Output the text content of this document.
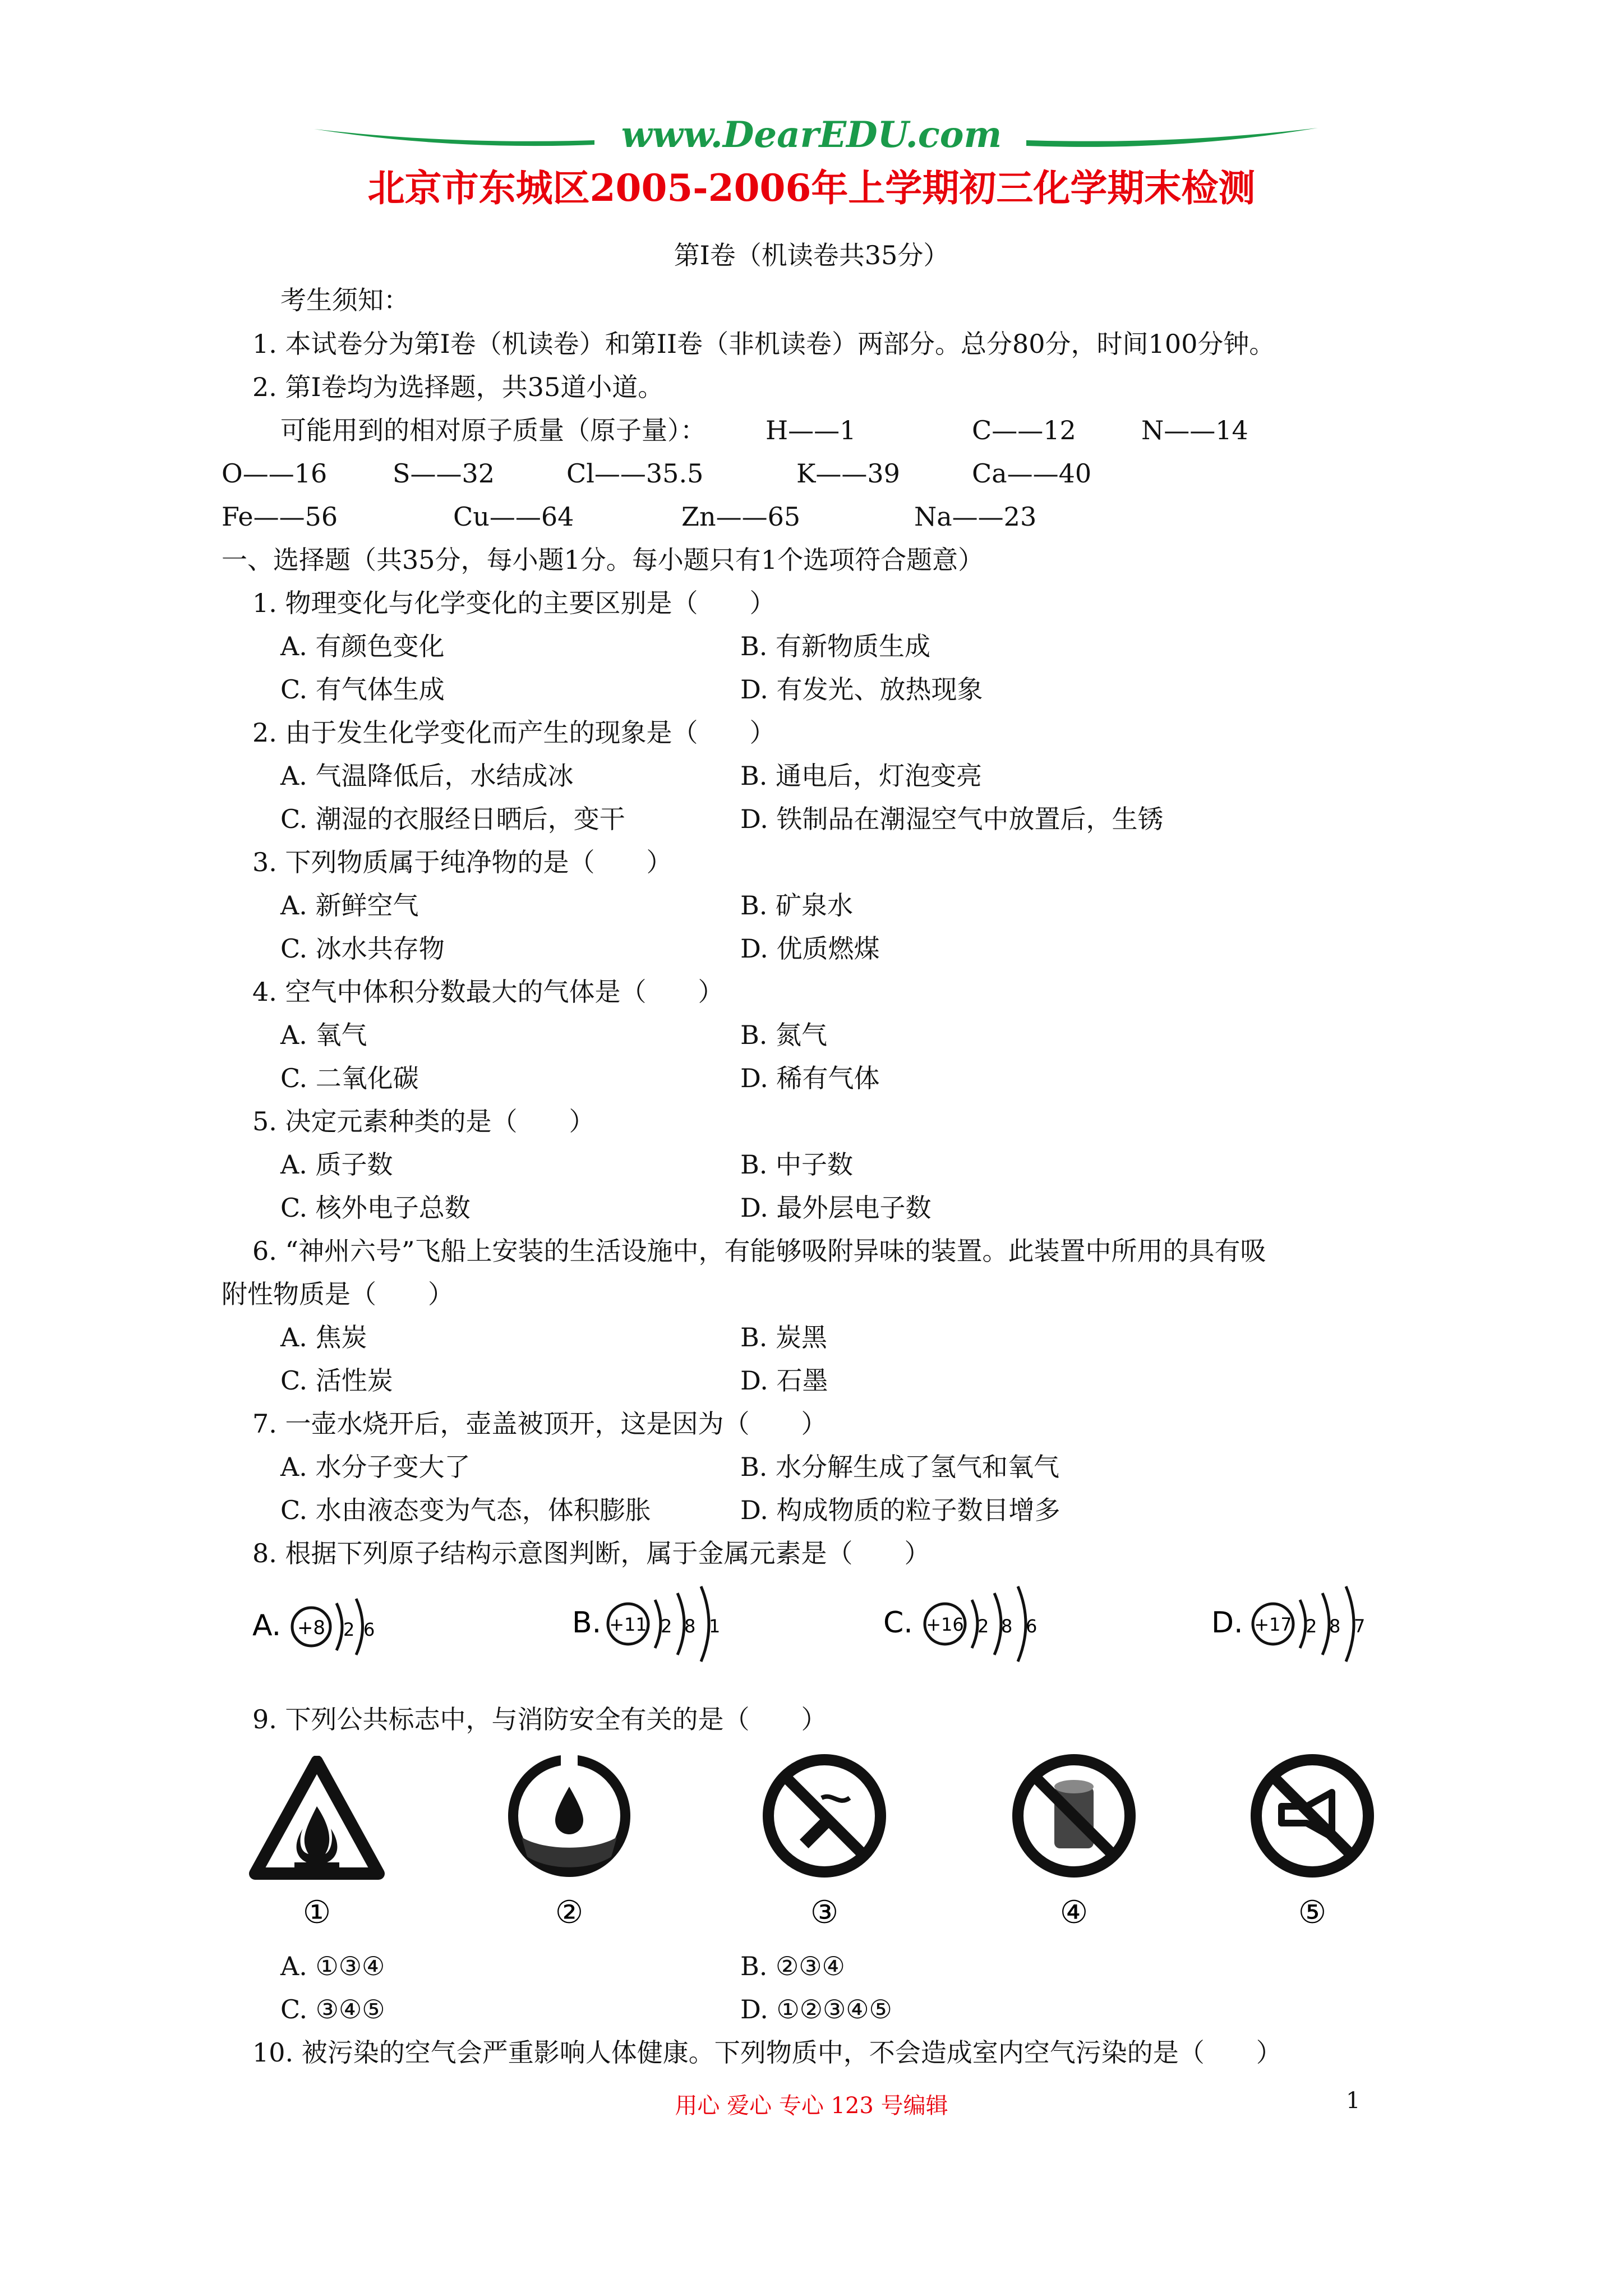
www.DearEDU.com
北京市东城区2005-2006年上学期初三化学期末检测
第I卷（机读卷共35分）
考生须知：
1. 本试卷分为第I卷（机读卷）和第II卷（非机读卷）两部分。总分80分，时间100分钟。
2. 第I卷均为选择题，共35道小道。
可能用到的相对原子质量（原子量）： H——1	C——12	N——14
O——16	S——32	Cl——35.5	K——39	Ca——40
Fe——56	Cu——64	Zn——65	Na——23
一、选择题（共35分，每小题1分。每小题只有1个选项符合题意）
1. 物理变化与化学变化的主要区别是（　　）
A. 有颜色变化	B. 有新物质生成
C. 有气体生成	D. 有发光、放热现象
2. 由于发生化学变化而产生的现象是（　　）
A. 气温降低后，水结成冰	B. 通电后，灯泡变亮
C. 潮湿的衣服经日晒后，变干	D. 铁制品在潮湿空气中放置后，生锈
3. 下列物质属于纯净物的是（　　）
A. 新鲜空气	B. 矿泉水
C. 冰水共存物	D. 优质燃煤
4. 空气中体积分数最大的气体是（　　）
A. 氧气	B. 氮气
C. 二氧化碳	D. 稀有气体
5. 决定元素种类的是（　　）
A. 质子数	B. 中子数
C. 核外电子总数	D. 最外层电子数
6. “神州六号”飞船上安装的生活设施中，有能够吸附异味的装置。此装置中所用的具有吸
附性物质是（　　）
A. 焦炭	B. 炭黑
C. 活性炭	D. 石墨
7. 一壶水烧开后，壶盖被顶开，这是因为（　　）
A. 水分子变大了	B. 水分解生成了氢气和氧气
C. 水由液态变为气态，体积膨胀	D. 构成物质的粒子数目增多
8. 根据下列原子结构示意图判断，属于金属元素是（　　）
A. +8 2 6	B. +11 2 8 1	C. +16 2 8 6	D. +17 2 8 7
9. 下列公共标志中，与消防安全有关的是（　　）
①	②	③	④	⑤
A. ①③④	B. ②③④
C. ③④⑤	D. ①②③④⑤
10. 被污染的空气会严重影响人体健康。下列物质中，不会造成室内空气污染的是（　　）
用心 爱心 专心 123 号编辑	1
